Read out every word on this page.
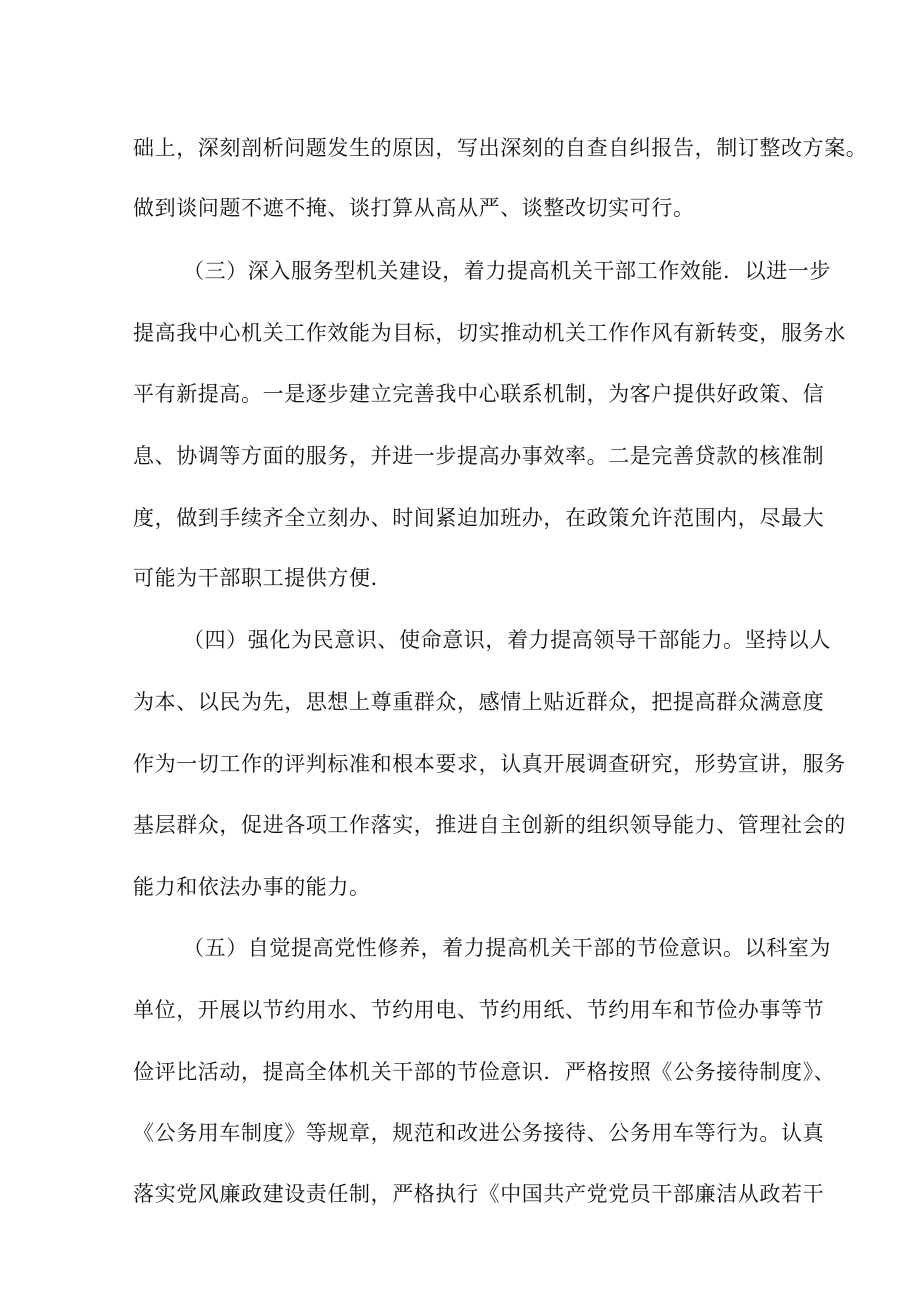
础上，深刻剖析问题发生的原因，写出深刻的自查自纠报告，制订整改方案。
做到谈问题不遮不掩、谈打算从高从严、谈整改切实可行。
（三）深入服务型机关建设，着力提高机关干部工作效能．以进一步
提高我中心机关工作效能为目标，切实推动机关工作作风有新转变，服务水
平有新提高。一是逐步建立完善我中心联系机制，为客户提供好政策、信
息、协调等方面的服务，并进一步提高办事效率。二是完善贷款的核准制
度，做到手续齐全立刻办、时间紧迫加班办，在政策允许范围内，尽最大
可能为干部职工提供方便．
（四）强化为民意识、使命意识，着力提高领导干部能力。坚持以人
为本、以民为先，思想上尊重群众，感情上贴近群众，把提高群众满意度
作为一切工作的评判标准和根本要求，认真开展调查研究，形势宣讲，服务
基层群众，促进各项工作落实，推进自主创新的组织领导能力、管理社会的
能力和依法办事的能力。
（五）自觉提高党性修养，着力提高机关干部的节俭意识。以科室为
单位，开展以节约用水、节约用电、节约用纸、节约用车和节俭办事等节
俭评比活动，提高全体机关干部的节俭意识．严格按照《公务接待制度》、
《公务用车制度》等规章，规范和改进公务接待、公务用车等行为。认真
落实党风廉政建设责任制，严格执行《中国共产党党员干部廉洁从政若干
